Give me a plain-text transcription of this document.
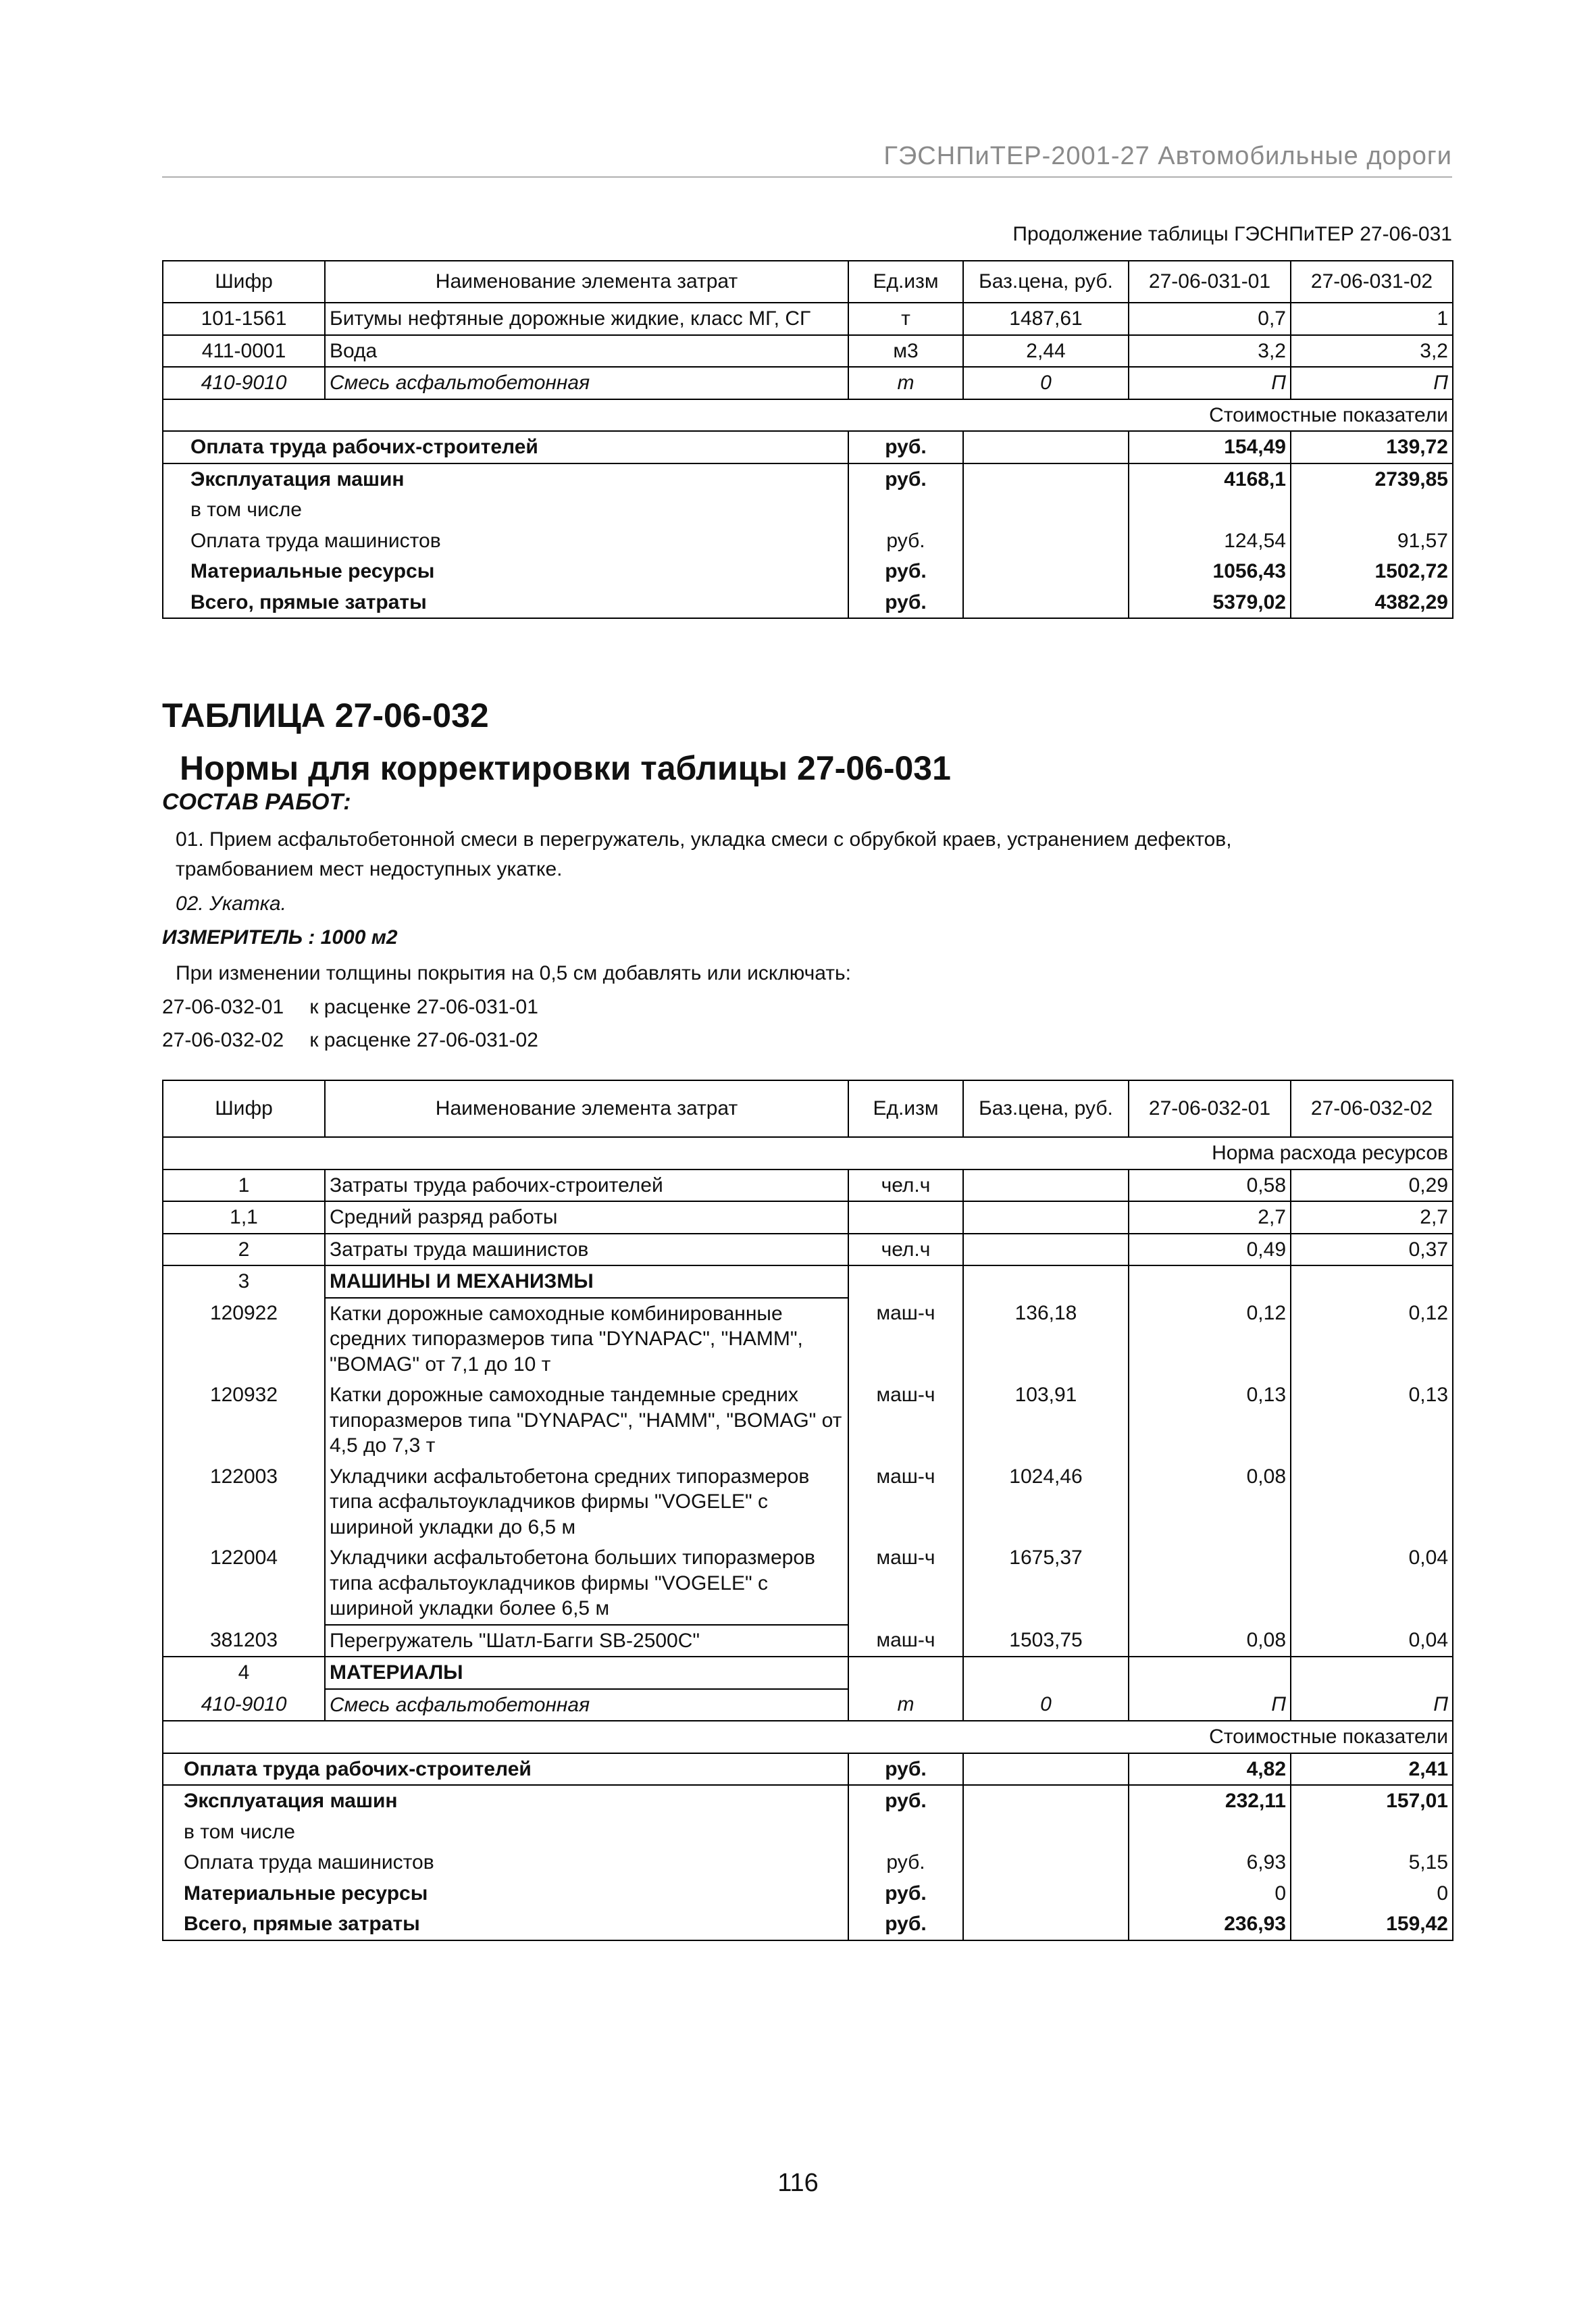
ГЭСНПиТЕР-2001-27 Автомобильные дороги
Продолжение таблицы ГЭСНПиТЕР 27-06-031
Шифр	Наименование элемента затрат	Ед.изм	Баз.цена, руб.	27-06-031-01	27-06-031-02
101-1561	Битумы нефтяные дорожные жидкие, класс МГ, СГ	т	1487,61	0,7	1
411-0001	Вода	м3	2,44	3,2	3,2
410-9010	Смесь асфальтобетонная	т	0	П	П
Стоимостные показатели					
Оплата труда рабочих-строителей		руб.		154,49	139,72
Эксплуатация машин		руб.		4168,1	2739,85
в том числе					
Оплата труда машинистов		руб.		124,54	91,57
Материальные ресурсы		руб.		1056,43	1502,72
Всего, прямые затраты		руб.		5379,02	4382,29
ТАБЛИЦА 27-06-032
Нормы для корректировки таблицы 27-06-031
СОСТАВ РАБОТ:
01. Прием асфальтобетонной смеси в перегружатель, укладка смеси с обрубкой краев, устранением дефектов, трамбованием мест недоступных укатке.
02. Укатка.
ИЗМЕРИТЕЛЬ : 1000 м2
При изменении толщины покрытия на 0,5 см добавлять или исключать:
27-06-032-01 к расценке 27-06-031-01
27-06-032-02 к расценке 27-06-031-02
Шифр	Наименование элемента затрат	Ед.изм	Баз.цена, руб.	27-06-032-01	27-06-032-02
Норма расхода ресурсов					
1	Затраты труда рабочих-строителей	чел.ч		0,58	0,29
1,1	Средний разряд работы			2,7	2,7
2	Затраты труда машинистов	чел.ч		0,49	0,37
3	МАШИНЫ И МЕХАНИЗМЫ				
120922	Катки дорожные самоходные комбинированные средних типоразмеров типа "DYNAPAC", "HAMM", "BOMAG" от 7,1 до 10 т	маш-ч	136,18	0,12	0,12
120932	Катки дорожные самоходные тандемные средних типоразмеров типа "DYNAPAC", "HAMM", "BOMAG" от 4,5 до 7,3 т	маш-ч	103,91	0,13	0,13
122003	Укладчики асфальтобетона средних типоразмеров типа асфальтоукладчиков фирмы "VOGELE" с шириной укладки до 6,5 м	маш-ч	1024,46	0,08	
122004	Укладчики асфальтобетона больших типоразмеров типа асфальтоукладчиков фирмы "VOGELE" с шириной укладки более 6,5 м	маш-ч	1675,37		0,04
381203	Перегружатель "Шатл-Багги SB-2500C"	маш-ч	1503,75	0,08	0,04
4	МАТЕРИАЛЫ				
410-9010	Смесь асфальтобетонная	т	0	П	П
Стоимостные показатели					
Оплата труда рабочих-строителей		руб.		4,82	2,41
Эксплуатация машин		руб.		232,11	157,01
в том числе					
Оплата труда машинистов		руб.		6,93	5,15
Материальные ресурсы		руб.		0	0
Всего, прямые затраты		руб.		236,93	159,42
116
